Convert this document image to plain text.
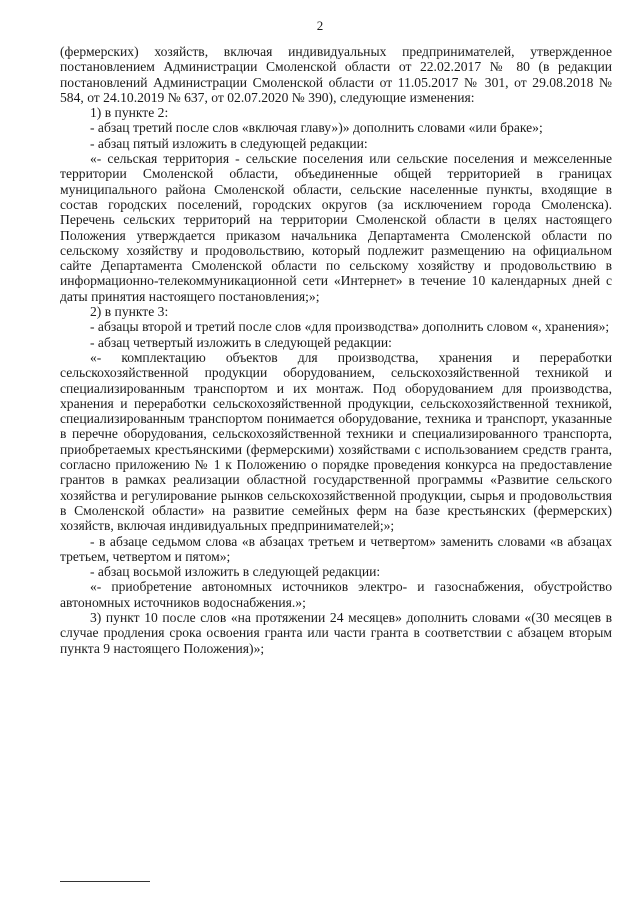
2

(фермерских) хозяйств, включая индивидуальных предпринимателей, утвержденное постановлением Администрации Смоленской области от 22.02.2017 № 80 (в редакции постановлений Администрации Смоленской области от 11.05.2017 № 301, от 29.08.2018 № 584, от 24.10.2019 № 637, от 02.07.2020 № 390), следующие изменения:

1) в пункте 2:

- абзац третий после слов «включая главу»)» дополнить словами «или браке»;

- абзац пятый изложить в следующей редакции:

«- сельская территория - сельские поселения или сельские поселения и межселенные территории Смоленской области, объединенные общей территорией в границах муниципального района Смоленской области, сельские населенные пункты, входящие в состав городских поселений, городских округов (за исключением города Смоленска). Перечень сельских территорий на территории Смоленской области в целях настоящего Положения утверждается приказом начальника Департамента Смоленской области по сельскому хозяйству и продовольствию, который подлежит размещению на официальном сайте Департамента Смоленской области по сельскому хозяйству и продовольствию в информационно-телекоммуникационной сети «Интернет» в течение 10 календарных дней с даты принятия настоящего постановления;»;

2) в пункте 3:

- абзацы второй и третий после слов «для производства» дополнить словом «, хранения»;

- абзац четвертый изложить в следующей редакции:

«- комплектацию объектов для производства, хранения и переработки сельскохозяйственной продукции оборудованием, сельскохозяйственной техникой и специализированным транспортом и их монтаж. Под оборудованием для производства, хранения и переработки сельскохозяйственной продукции, сельскохозяйственной техникой, специализированным транспортом понимается оборудование, техника и транспорт, указанные в перечне оборудования, сельскохозяйственной техники и специализированного транспорта, приобретаемых крестьянскими (фермерскими) хозяйствами с использованием средств гранта, согласно приложению № 1 к Положению о порядке проведения конкурса на предоставление грантов в рамках реализации областной государственной программы «Развитие сельского хозяйства и регулирование рынков сельскохозяйственной продукции, сырья и продовольствия в Смоленской области» на развитие семейных ферм на базе крестьянских (фермерских) хозяйств, включая индивидуальных предпринимателей;»;

- в абзаце седьмом слова «в абзацах третьем и четвертом» заменить словами «в абзацах третьем, четвертом и пятом»;

- абзац восьмой изложить в следующей редакции:

«- приобретение автономных источников электро- и газоснабжения, обустройство автономных источников водоснабжения.»;

3) пункт 10 после слов «на протяжении 24 месяцев» дополнить словами «(30 месяцев в случае продления срока освоения гранта или части гранта в соответствии с абзацем вторым пункта 9 настоящего Положения)»;
